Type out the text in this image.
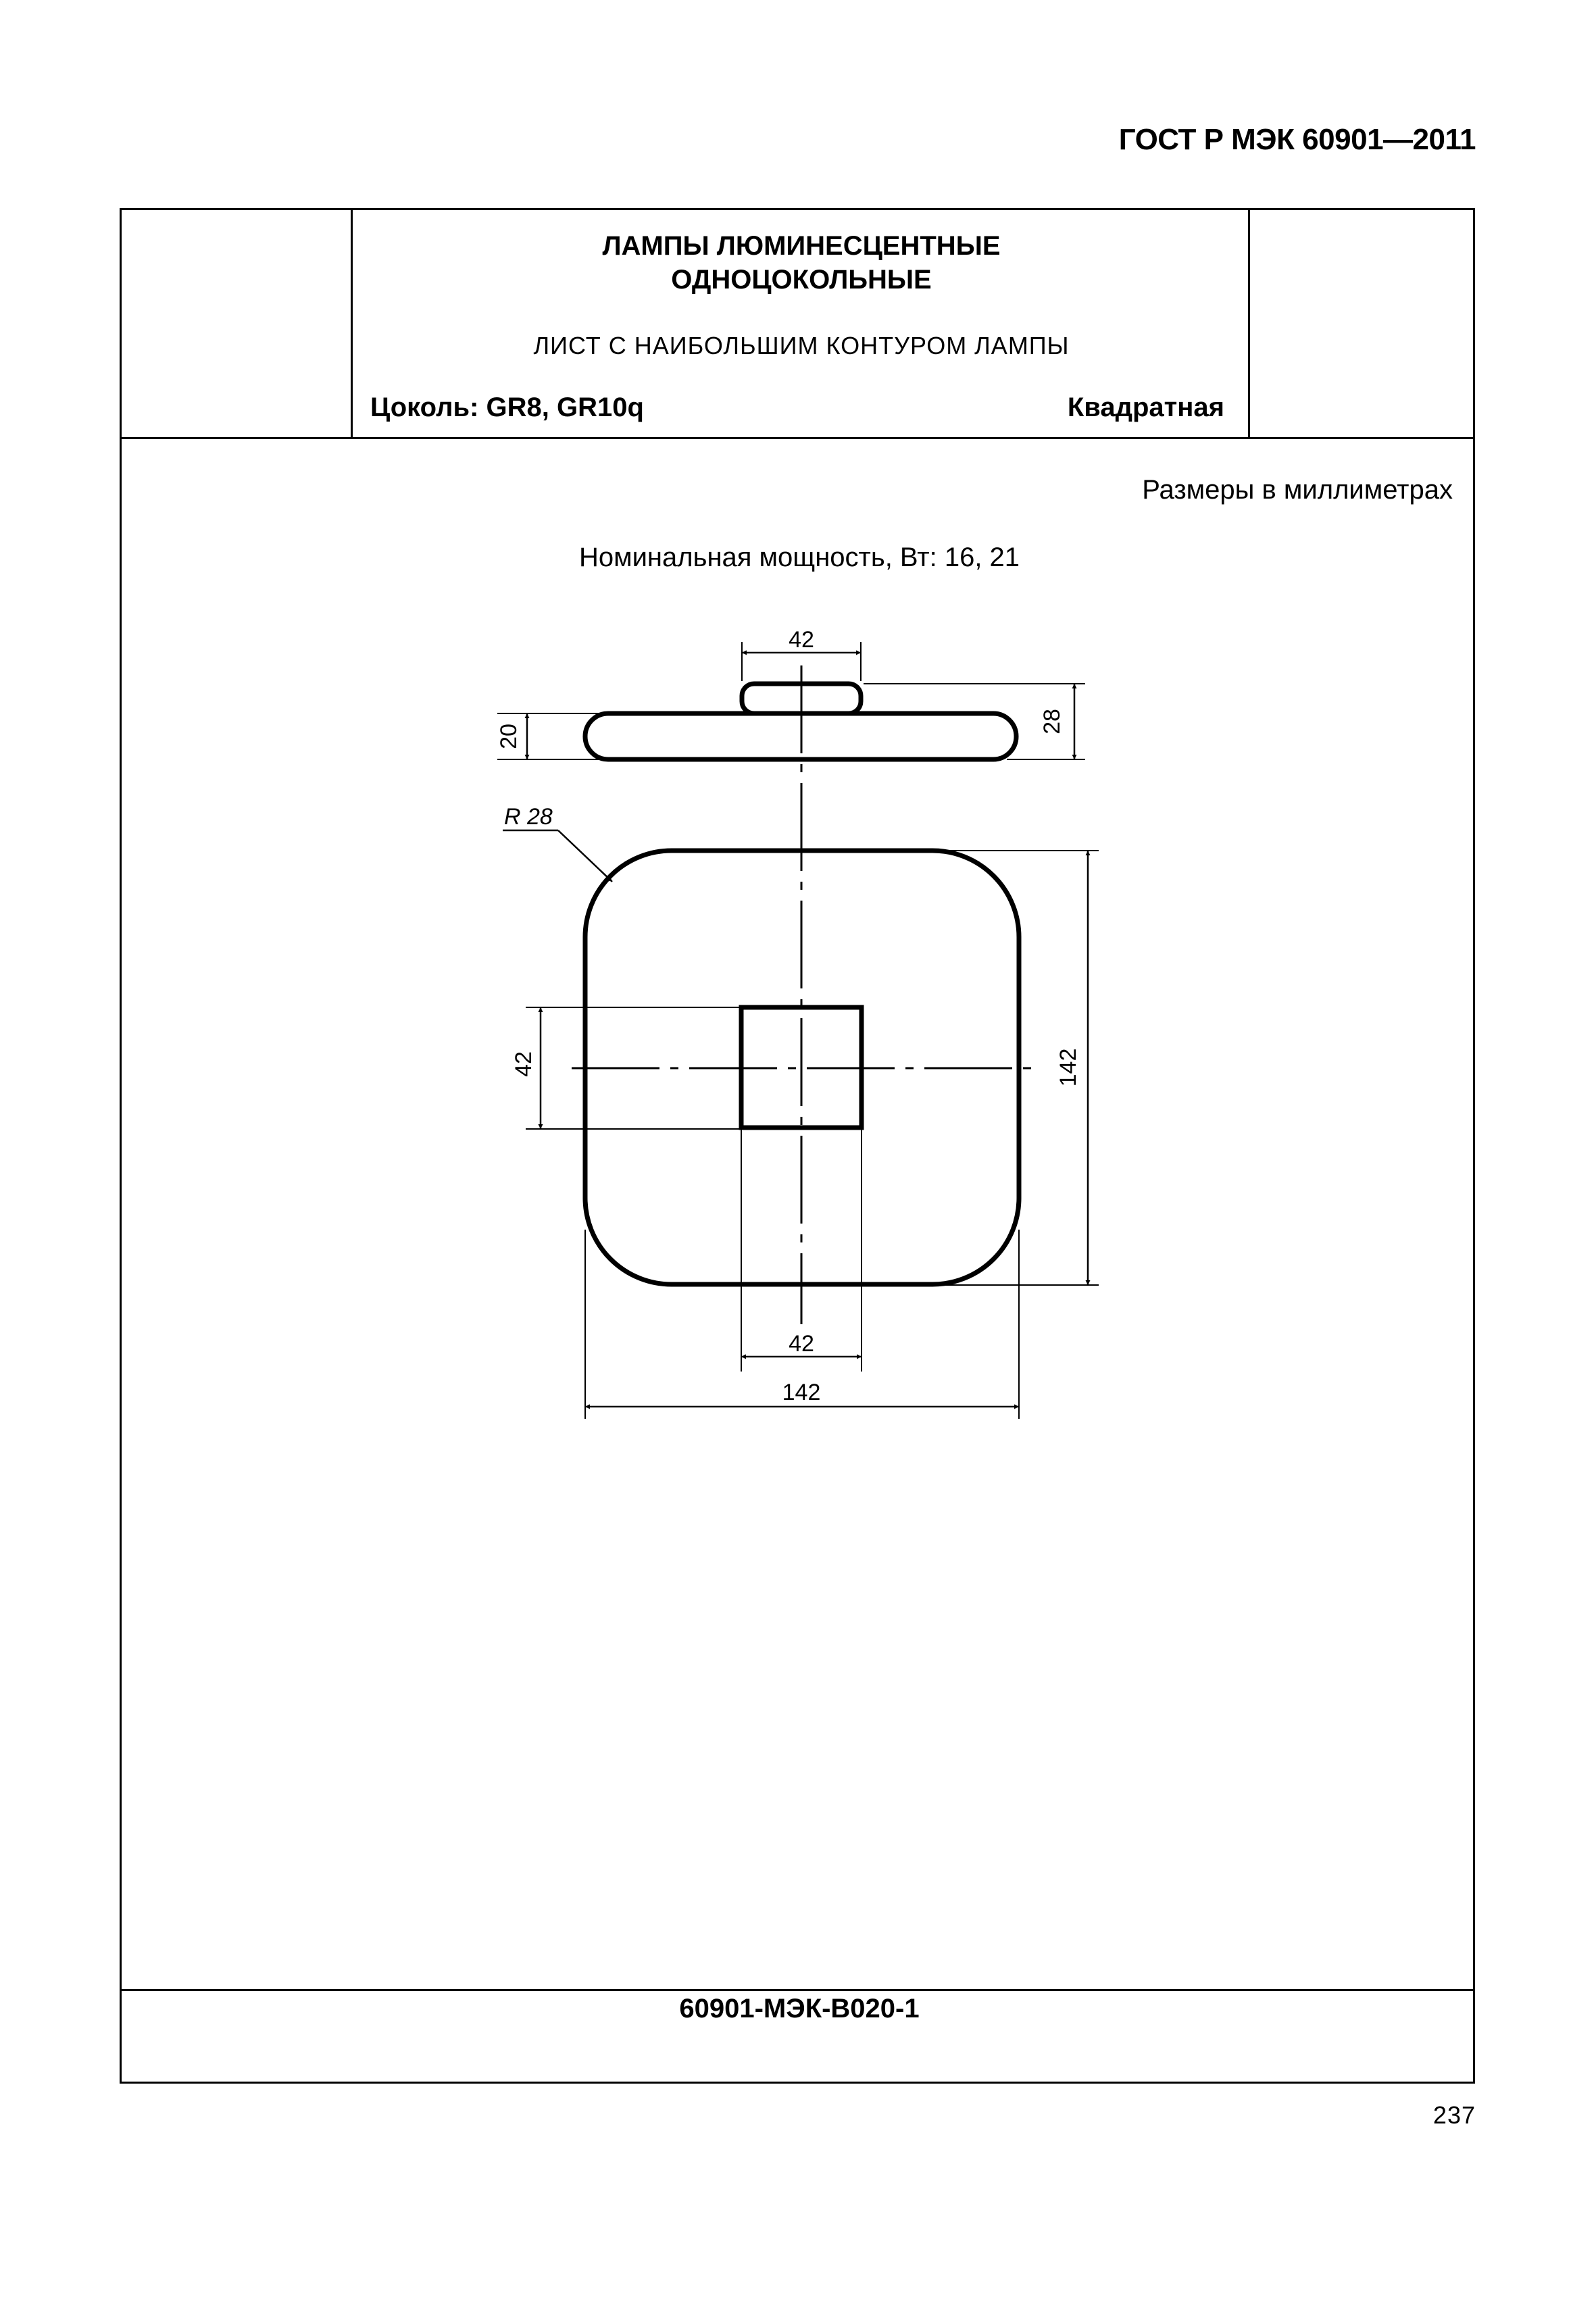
ГОСТ Р МЭК 60901—2011
ЛАМПЫ ЛЮМИНЕСЦЕНТНЫЕ
ОДНОЦОКОЛЬНЫЕ
ЛИСТ С НАИБОЛЬШИМ КОНТУРОМ ЛАМПЫ
Цоколь: GR8, GR10q	Квадратная
Размеры в миллиметрах
Номинальная мощность, Вт: 16, 21
60901-МЭК-В020-1
42
20
28
R 28
42	142
42
142
237
